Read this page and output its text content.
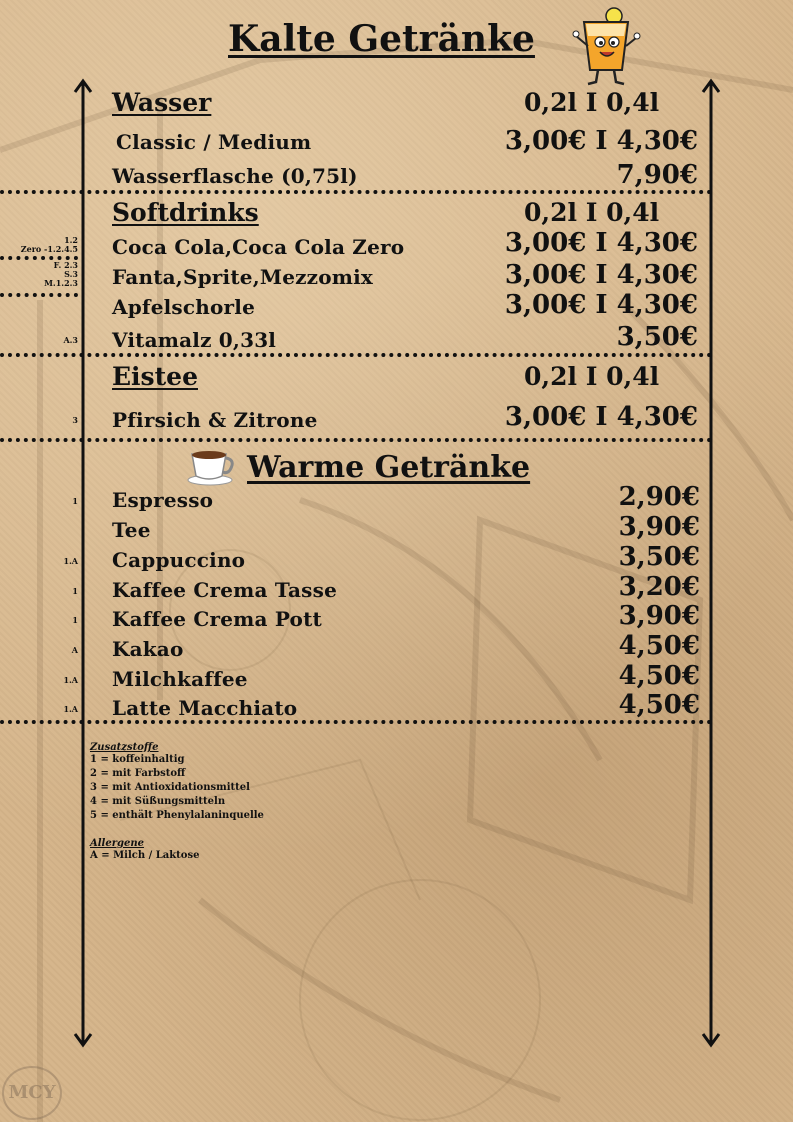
Kalte Getränke
Wasser	0,2l I 0,4l
Classic / Medium	3,00€ I 4,30€
Wasserflasche (0,75l)	7,90€
Softdrinks	0,2l I 0,4l
1.2
Zero -1.2.4.5 Coca Cola,Coca Cola Zero	3,00€ I 4,30€
F. 2.3
S.3
M.1.2.3 Fanta,Sprite,Mezzomix	3,00€ I 4,30€
Apfelschorle	3,00€ I 4,30€
A.3 Vitamalz 0,33l	3,50€
Eistee	0,2l I 0,4l
3 Pfirsich & Zitrone	3,00€ I 4,30€
Warme Getränke
1 Espresso	2,90€
Tee	3,90€
1.A Cappuccino	3,50€
1 Kaffee Crema Tasse	3,20€
1 Kaffee Crema Pott	3,90€
A Kakao	4,50€
1.A Milchkaffee	4,50€
1.A Latte Macchiato	4,50€
Zusatzstoffe
1 = koffeinhaltig
2 = mit Farbstoff
3 = mit Antioxidationsmittel
4 = mit Süßungsmitteln
5 = enthält Phenylalaninquelle
Allergene
A = Milch / Laktose
MCY
